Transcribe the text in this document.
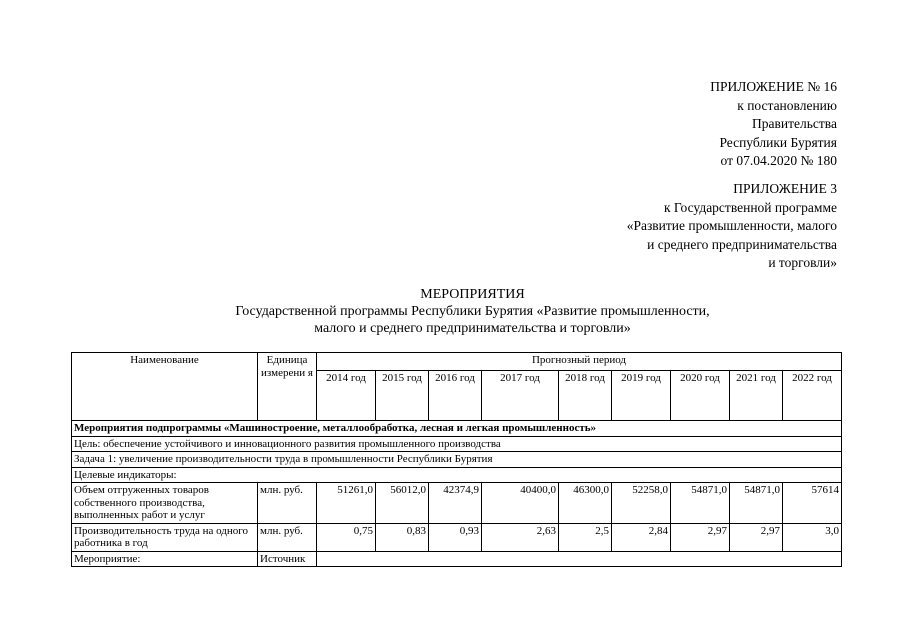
ПРИЛОЖЕНИЕ № 16
к постановлению
Правительства
Республики Бурятия
от 07.04.2020 № 180
ПРИЛОЖЕНИЕ 3
к Государственной программе
«Развитие промышленности, малого
и среднего предпринимательства
и торговли»
МЕРОПРИЯТИЯ
Государственной программы Республики Бурятия «Развитие промышленности,
малого и среднего предпринимательства и торговли»
Наименование	Единица измерени я	Прогнозный период								
		2014 год	2015 год	2016 год	2017 год	2018 год	2019 год	2020 год	2021 год	2022 год
Мероприятия подпрограммы «Машиностроение, металлообработка, лесная и легкая промышленность»										
Цель: обеспечение устойчивого и инновационного развития промышленного производства										
Задача 1: увеличение производительности труда в промышленности Республики Бурятия										
Целевые индикаторы:										
Объем отгруженных товаров собственного производства, выполненных работ и услуг	млн. руб.	51261,0	56012,0	42374,9	40400,0	46300,0	52258,0	54871,0	54871,0	57614
Производительность труда на одного работника в год	млн. руб.	0,75	0,83	0,93	2,63	2,5	2,84	2,97	2,97	3,0
Мероприятие:	Источник									
